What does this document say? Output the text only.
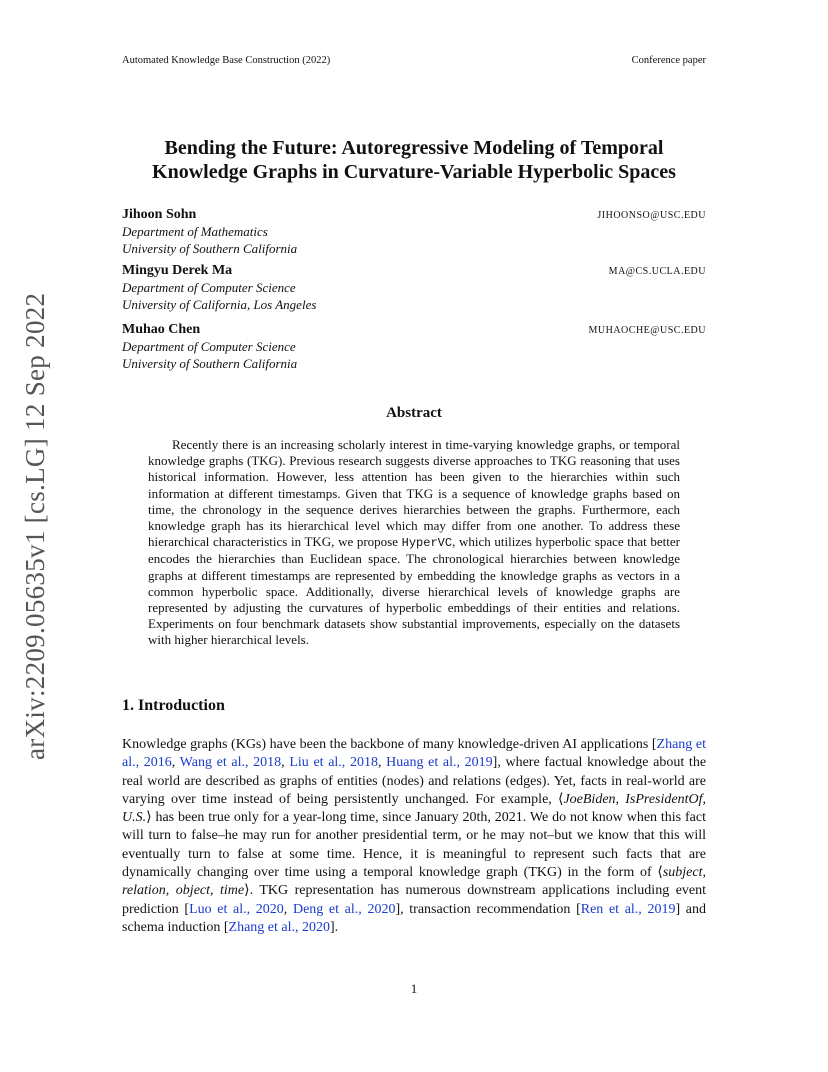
Automated Knowledge Base Construction (2022)	Conference paper
arXiv:2209.05635v1 [cs.LG] 12 Sep 2022
Bending the Future: Autoregressive Modeling of Temporal
Knowledge Graphs in Curvature-Variable Hyperbolic Spaces
Jihoon Sohn	JIHOONSO@USC.EDU
Department of Mathematics
University of Southern California
Mingyu Derek Ma	MA@CS.UCLA.EDU
Department of Computer Science
University of California, Los Angeles
Muhao Chen	MUHAOCHE@USC.EDU
Department of Computer Science
University of Southern California
Abstract
Recently there is an increasing scholarly interest in time-varying knowledge graphs, or temporal knowledge graphs (TKG). Previous research suggests diverse approaches to TKG reasoning that uses historical information. However, less attention has been given to the hierarchies within such information at different timestamps. Given that TKG is a sequence of knowledge graphs based on time, the chronology in the sequence derives hierarchies between the graphs. Furthermore, each knowledge graph has its hierarchical level which may differ from one another. To address these hierarchical characteristics in TKG, we propose HyperVC, which utilizes hyperbolic space that better encodes the hierarchies than Euclidean space. The chronological hierarchies between knowledge graphs at different timestamps are represented by embedding the knowledge graphs as vectors in a common hyperbolic space. Additionally, diverse hierarchical levels of knowledge graphs are represented by adjusting the curvatures of hyperbolic embeddings of their entities and relations. Experiments on four benchmark datasets show substantial improvements, especially on the datasets with higher hierarchical levels.
1. Introduction
Knowledge graphs (KGs) have been the backbone of many knowledge-driven AI applications [Zhang et al., 2016, Wang et al., 2018, Liu et al., 2018, Huang et al., 2019], where factual knowledge about the real world are described as graphs of entities (nodes) and relations (edges). Yet, facts in real-world are varying over time instead of being persistently unchanged. For example, ⟨JoeBiden, IsPresidentOf, U.S.⟩ has been true only for a year-long time, since January 20th, 2021. We do not know when this fact will turn to false–he may run for another presidential term, or he may not–but we know that this will eventually turn to false at some time. Hence, it is meaningful to represent such facts that are dynamically changing over time using a temporal knowledge graph (TKG) in the form of ⟨subject, relation, object, time⟩. TKG representation has numerous downstream applications including event prediction [Luo et al., 2020, Deng et al., 2020], transaction recommendation [Ren et al., 2019] and schema induction [Zhang et al., 2020].
1
